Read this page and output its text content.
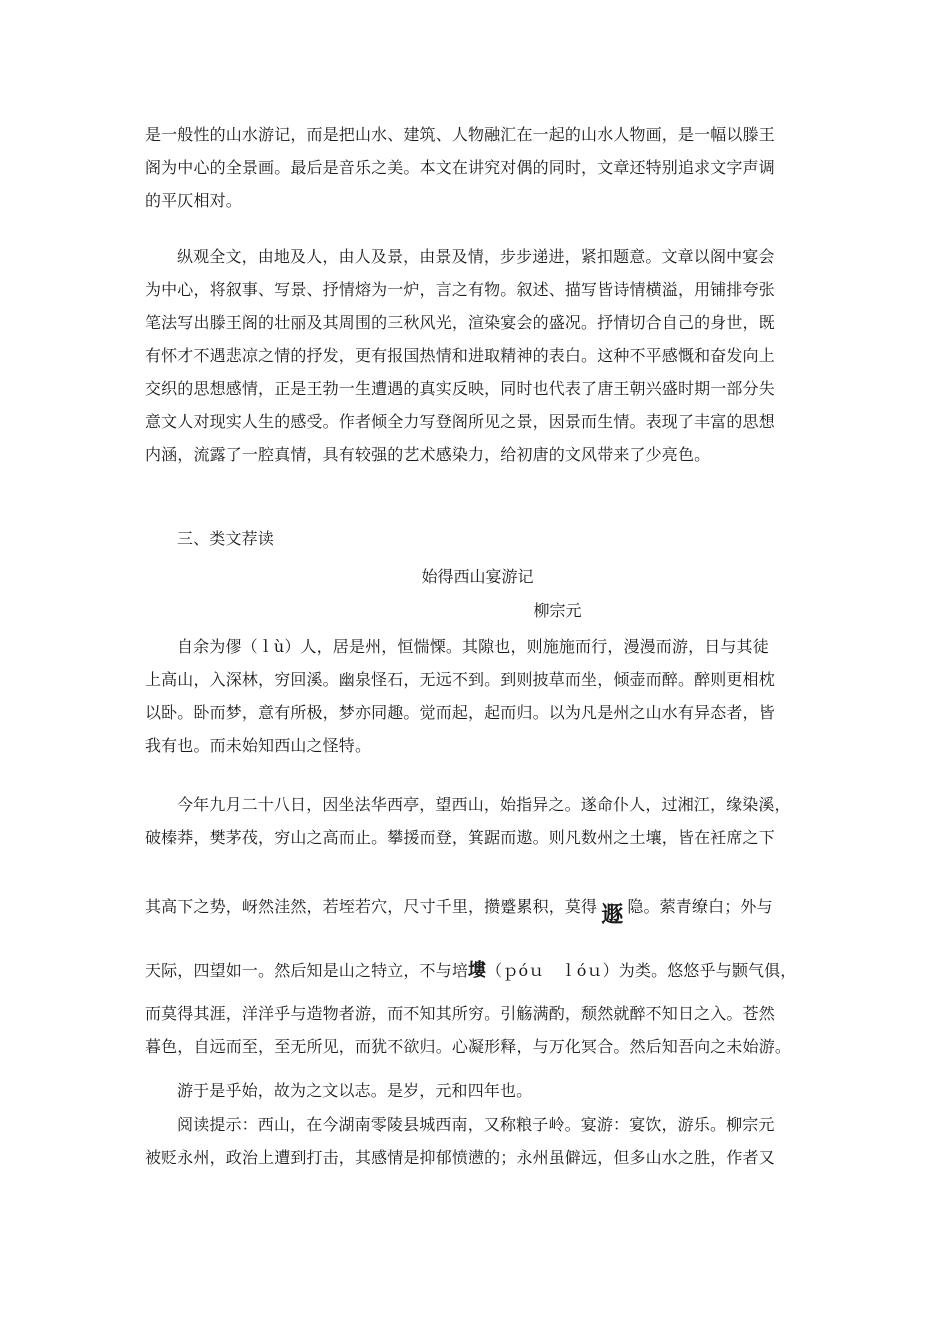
是一般性的山水游记，而是把山水、建筑、人物融汇在一起的山水人物画，是一幅以滕王
阁为中心的全景画。最后是音乐之美。本文在讲究对偶的同时，文章还特别追求文字声调
的平仄相对。
纵观全文，由地及人，由人及景，由景及情，步步递进，紧扣题意。文章以阁中宴会
为中心，将叙事、写景、抒情熔为一炉，言之有物。叙述、描写皆诗情横溢，用铺排夸张
笔法写出滕王阁的壮丽及其周围的三秋风光，渲染宴会的盛况。抒情切合自己的身世，既
有怀才不遇悲凉之情的抒发，更有报国热情和进取精神的表白。这种不平感慨和奋发向上
交织的思想感情，正是王勃一生遭遇的真实反映，同时也代表了唐王朝兴盛时期一部分失
意文人对现实人生的感受。作者倾全力写登阁所见之景，因景而生情。表现了丰富的思想
内涵，流露了一腔真情，具有较强的艺术感染力，给初唐的文风带来了少亮色。
三、类文荐读
始得西山宴游记
柳宗元
自余为僇（ｌù）人，居是州，恒惴慄。其隙也，则施施而行，漫漫而游，日与其徒
上高山，入深林，穷回溪。幽泉怪石，无远不到。到则披草而坐，倾壶而醉。醉则更相枕
以卧。卧而梦，意有所极，梦亦同趣。觉而起，起而归。以为凡是州之山水有异态者，皆
我有也。而未始知西山之怪特。
今年九月二十八日，因坐法华西亭，望西山，始指异之。遂命仆人，过湘江，缘染溪，
破榛莽，樊茅茷，穷山之高而止。攀援而登，箕踞而遨。则凡数州之土壤，皆在衽席之下
其高下之势，岈然洼然，若垤若穴，尺寸千里，攒蹙累积，莫得 遯 隐。萦青缭白；外与
天际，四望如一。然后知是山之特立，不与培塿（ｐóｕ　ｌóｕ）为类。悠悠乎与颢气俱，
而莫得其涯，洋洋乎与造物者游，而不知其所穷。引觞满酌，颓然就醉不知日之入。苍然
暮色，自远而至，至无所见，而犹不欲归。心凝形释，与万化冥合。然后知吾向之未始游。
游于是乎始，故为之文以志。是岁，元和四年也。
阅读提示：西山，在今湖南零陵县城西南，又称粮子岭。宴游：宴饮，游乐。柳宗元
被贬永州，政治上遭到打击，其感情是抑郁愤懑的；永州虽僻远，但多山水之胜，作者又
